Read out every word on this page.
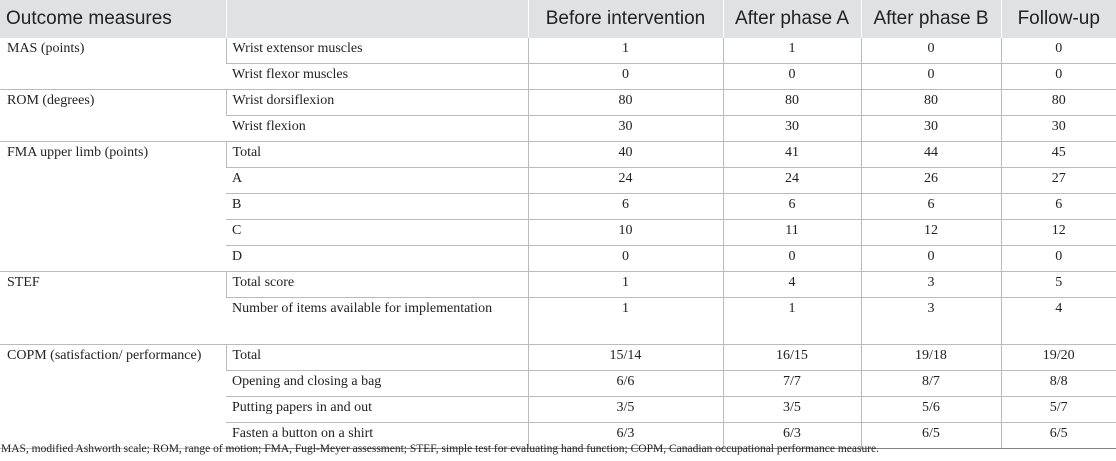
Outcome measures		Before intervention	After phase A	After phase B	Follow-up
MAS (points)	Wrist extensor muscles	1	1	0	0
	Wrist flexor muscles	0	0	0	0
ROM (degrees)	Wrist dorsiflexion	80	80	80	80
	Wrist flexion	30	30	30	30
FMA upper limb (points)	Total	40	41	44	45
	A	24	24	26	27
	B	6	6	6	6
	C	10	11	12	12
	D	0	0	0	0
STEF	Total score	1	4	3	5
	Number of items available for implementation	1	1	3	4
COPM (satisfaction/ performance)	Total	15/14	16/15	19/18	19/20
	Opening and closing a bag	6/6	7/7	8/7	8/8
	Putting papers in and out	3/5	3/5	5/6	5/7
	Fasten a button on a shirt	6/3	6/3	6/5	6/5
MAS, modified Ashworth scale; ROM, range of motion; FMA, Fugl-Meyer assessment; STEF, simple test for evaluating hand function; COPM, Canadian occupational performance measure.
